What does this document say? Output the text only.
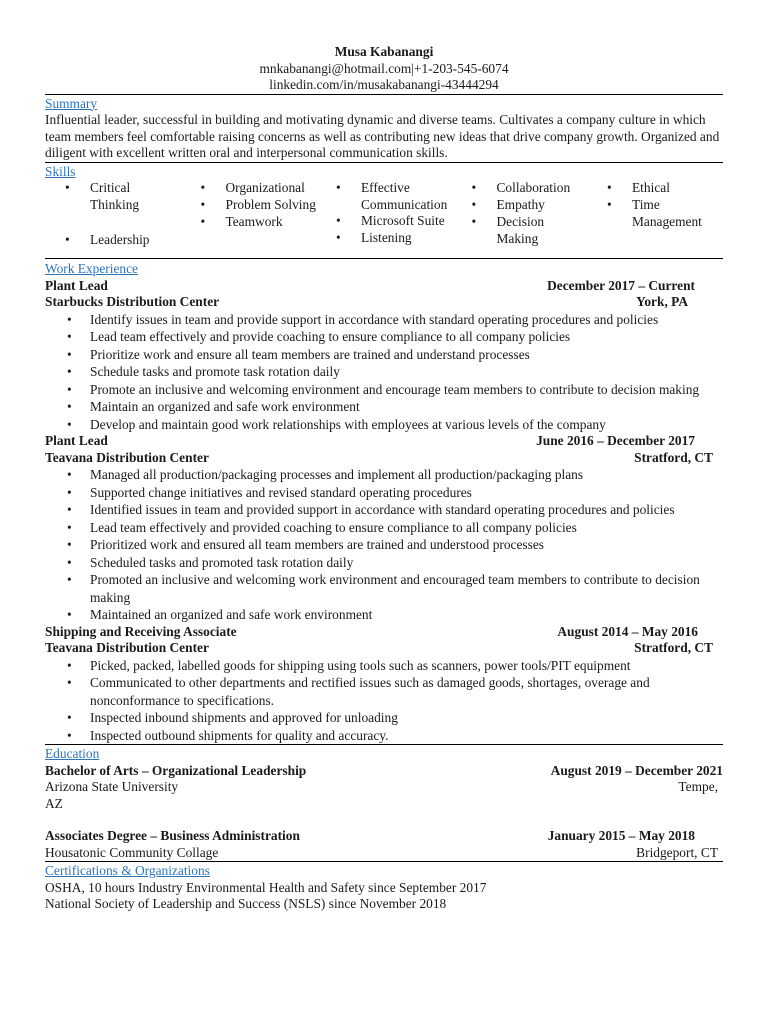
Musa Kabanangi
mnkabanangi@hotmail.com|+1-203-545-6074
linkedin.com/in/musakabanangi-43444294
Summary
Influential leader, successful in building and motivating dynamic and diverse teams. Cultivates a company culture in which team members feel comfortable raising concerns as well as contributing new ideas that drive company growth. Organized and diligent with excellent written oral and interpersonal communication skills.
Skills
• Critical Thinking
• Leadership
• Organizational
• Problem Solving
• Teamwork
• Effective Communication
• Microsoft Suite
• Listening
• Collaboration
• Empathy
• Decision Making
• Ethical
• Time Management
Work Experience
Plant Lead	December 2017 – Current
Starbucks Distribution Center	York, PA
• Identify issues in team and provide support in accordance with standard operating procedures and policies
• Lead team effectively and provide coaching to ensure compliance to all company policies
• Prioritize work and ensure all team members are trained and understand processes
• Schedule tasks and promote task rotation daily
• Promote an inclusive and welcoming environment and encourage team members to contribute to decision making
• Maintain an organized and safe work environment
• Develop and maintain good work relationships with employees at various levels of the company
Plant Lead	June 2016 – December 2017
Teavana Distribution Center	Stratford, CT
• Managed all production/packaging processes and implement all production/packaging plans
• Supported change initiatives and revised standard operating procedures
• Identified issues in team and provided support in accordance with standard operating procedures and policies
• Lead team effectively and provided coaching to ensure compliance to all company policies
• Prioritized work and ensured all team members are trained and understood processes
• Scheduled tasks and promoted task rotation daily
• Promoted an inclusive and welcoming work environment and encouraged team members to contribute to decision making
• Maintained an organized and safe work environment
Shipping and Receiving Associate	August 2014 – May 2016
Teavana Distribution Center	Stratford, CT
• Picked, packed, labelled goods for shipping using tools such as scanners, power tools/PIT equipment
• Communicated to other departments and rectified issues such as damaged goods, shortages, overage and nonconformance to specifications.
• Inspected inbound shipments and approved for unloading
• Inspected outbound shipments for quality and accuracy.
Education
Bachelor of Arts – Organizational Leadership	August 2019 – December 2021
Arizona State University	Tempe,
AZ
Associates Degree – Business Administration	January 2015 – May 2018
Housatonic Community Collage	Bridgeport, CT
Certifications & Organizations
OSHA, 10 hours Industry Environmental Health and Safety since September 2017
National Society of Leadership and Success (NSLS) since November 2018
